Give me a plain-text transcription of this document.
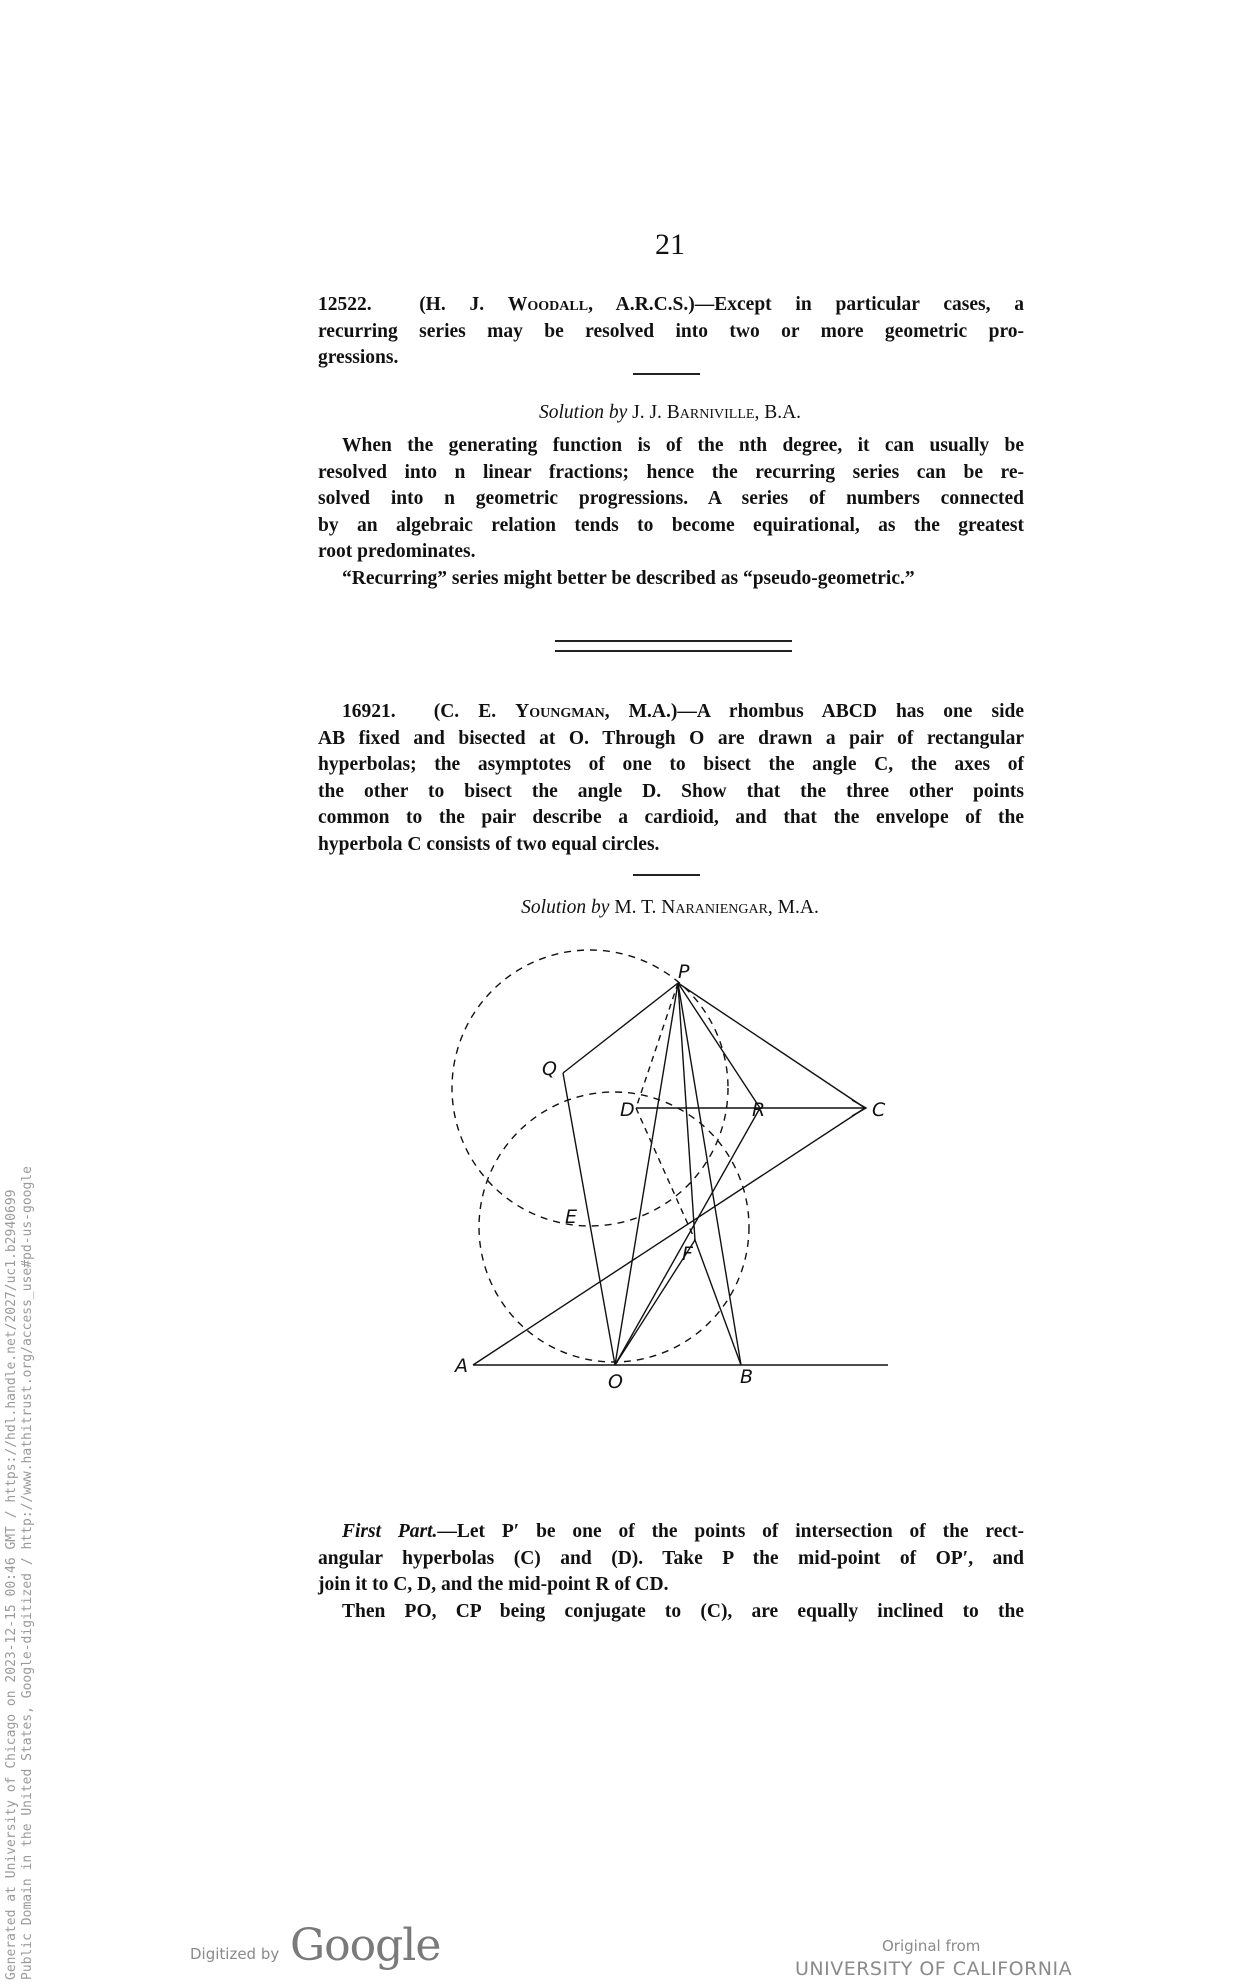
21
12522. (H. J. Woodall, A.R.C.S.)—Except in particular cases, a
recurring series may be resolved into two or more geometric pro-
gressions.
Solution by J. J. Barniville, B.A.
When the generating function is of the nth degree, it can usually be
resolved into n linear fractions; hence the recurring series can be re-
solved into n geometric progressions. A series of numbers connected
by an algebraic relation tends to become equirational, as the greatest
root predominates.
“Recurring” series might better be described as “pseudo-geometric.”
16921. (C. E. Youngman, M.A.)—A rhombus ABCD has one side
AB fixed and bisected at O. Through O are drawn a pair of rectangular
hyperbolas; the asymptotes of one to bisect the angle C, the axes of
the other to bisect the angle D. Show that the three other points
common to the pair describe a cardioid, and that the envelope of the
hyperbola C consists of two equal circles.
Solution by M. T. Naraniengar, M.A.
P
Q
D	R	C
E
F
A
O	B
First Part.—Let P′ be one of the points of intersection of the rect-
angular hyperbolas (C) and (D). Take P the mid-point of OP′, and
join it to C, D, and the mid-point R of CD.
Then PO, CP being conjugate to (C), are equally inclined to the
Generated at University of Chicago on 2023-12-15 00:46 GMT / https://hdl.handle.net/2027/uc1.b2940699 Public Domain in the United States, Google-digitized / http://www.hathitrust.org/access_use#pd-us-google	Digitized by Google	Original from
UNIVERSITY OF CALIFORNIA
